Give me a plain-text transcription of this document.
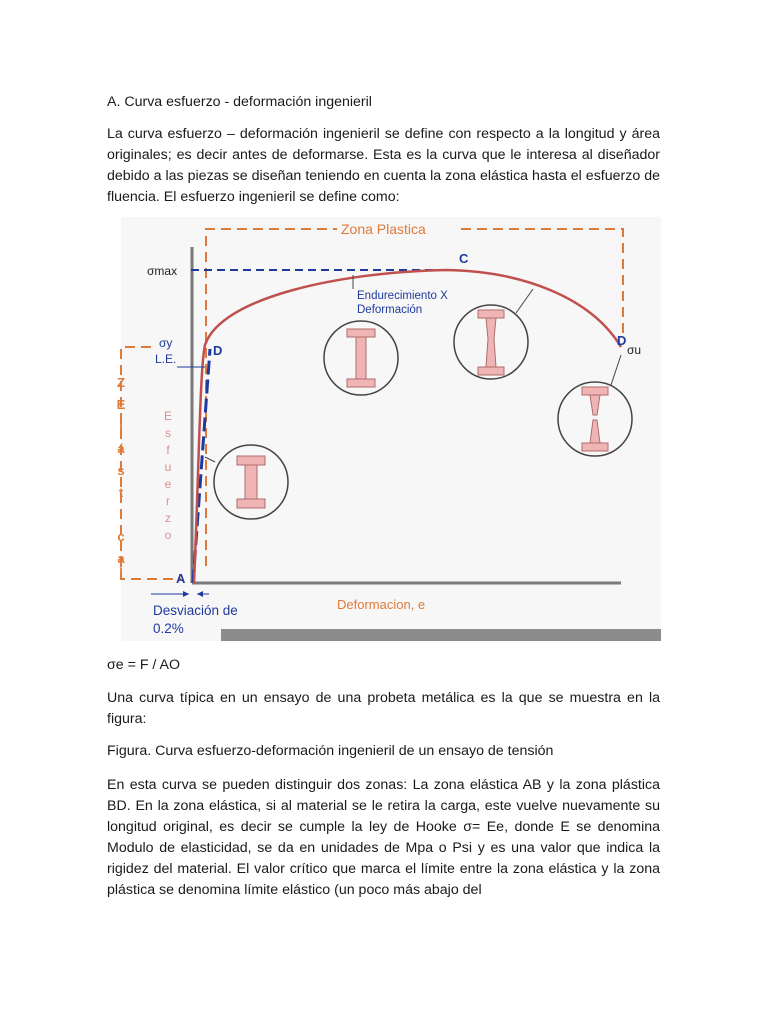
A. Curva esfuerzo - deformación ingenieril
La curva esfuerzo – deformación ingenieril se define con respecto a la longitud y área originales; es decir antes de deformarse. Esta es la curva que le interesa al diseñador debido a las piezas se diseñan teniendo en cuenta la zona elástica hasta el esfuerzo de fluencia. El esfuerzo ingenieril se define como:
Zona Plastica
σmax
C
Endurecimiento X
Deformación
D
σu
σy
L.E.
D
A
Z
E
l
á
s
t
i
c
a
l
E
s
f
u
e
r
z
o
Desviación de
0.2%
Deformacion, e
σe = F / AO
Una curva típica en un ensayo de una probeta metálica es la que se muestra en la figura:
Figura. Curva esfuerzo-deformación ingenieril de un ensayo de tensión
En esta curva se pueden distinguir dos zonas: La zona elástica AB y la zona plástica BD. En la zona elástica, si al material se le retira la carga, este vuelve nuevamente su longitud original, es decir se cumple la ley de Hooke σ= Ee, donde E se denomina Modulo de elasticidad, se da en unidades de Mpa o Psi y es una valor que indica la rigidez del material. El valor crítico que marca el límite entre la zona elástica y la zona plástica se denomina límite elástico (un poco más abajo del
